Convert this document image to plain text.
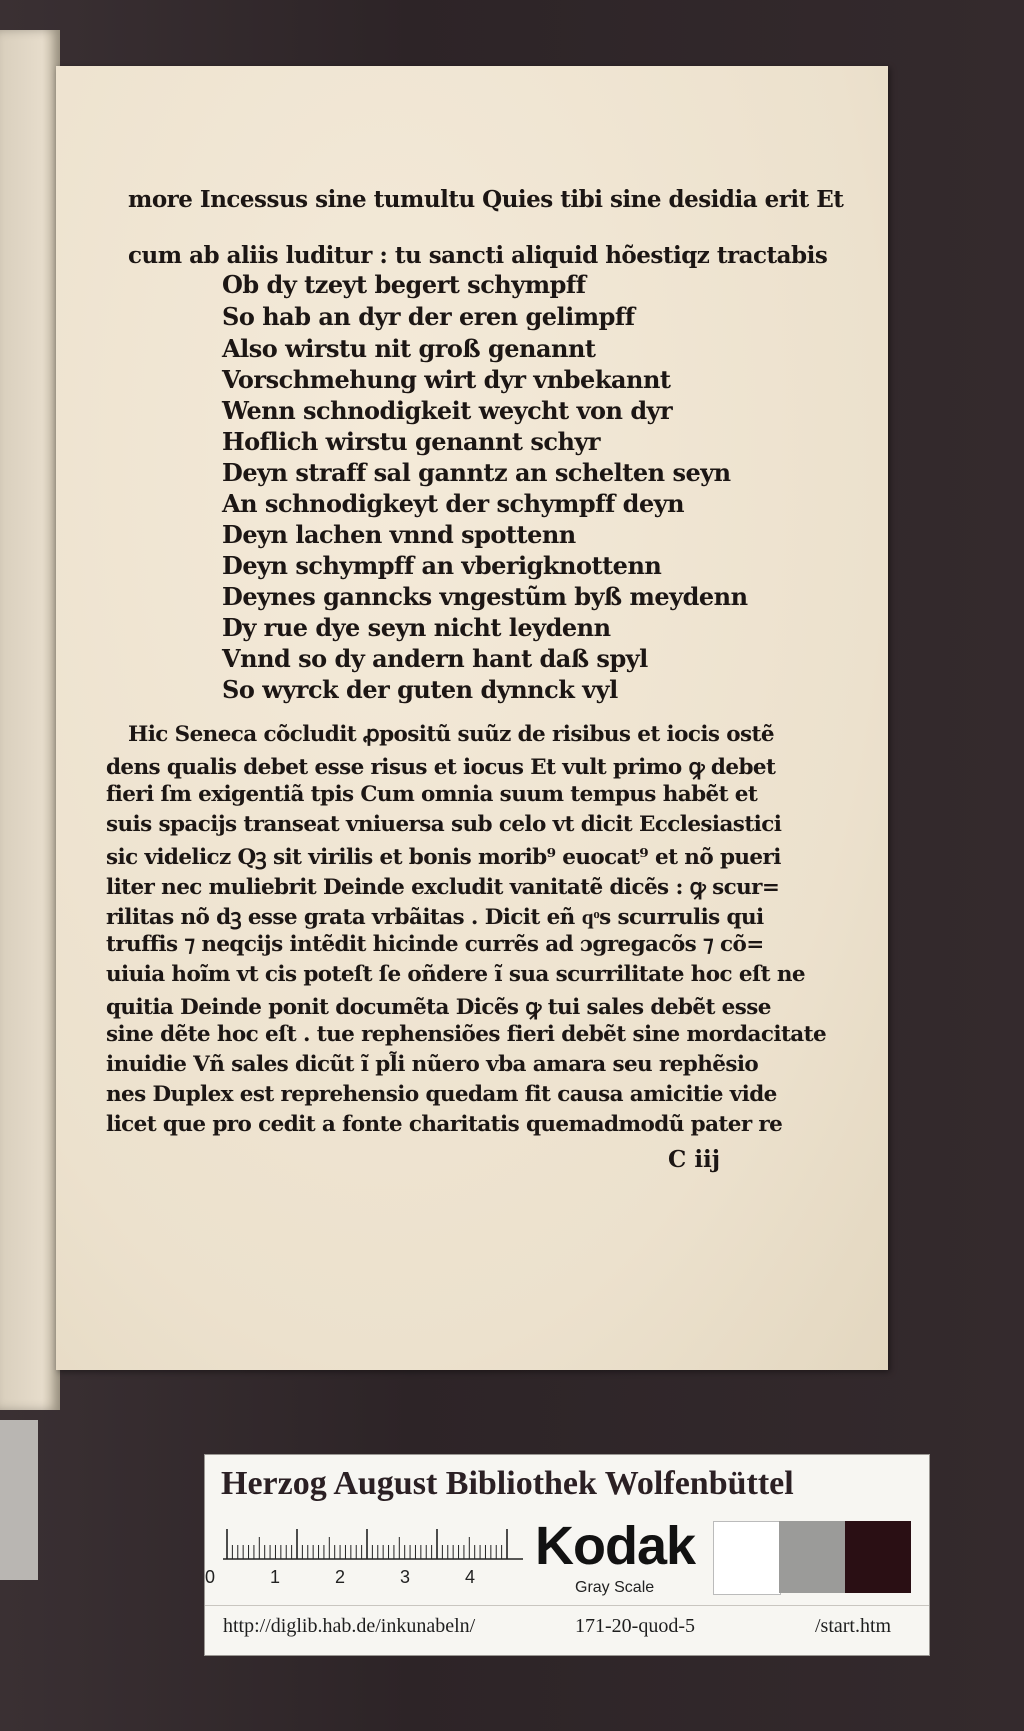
more Incessus sine tumultu Quies tibi sine desidia erit Et
cum ab aliis luditur : tu sancti aliquid hõestiqz tractabis
Ob dy tzeyt begert schympff
So hab an dyr der eren gelimpff
Also wirstu nit groß genannt
Vorschmehung wirt dyr vnbekannt
Wenn schnodigkeit weycht von dyr
Hoflich wirstu genannt schyr
Deyn straff sal ganntz an schelten seyn
An schnodigkeyt der schympff deyn
Deyn lachen vnnd spottenn
Deyn schympff an vberigknottenn
Deynes ganncks vngestũm byß meydenn
Dy rue dye seyn nicht leydenn
Vnnd so dy andern hant daß spyl
So wyrck der guten dynnck vyl
Hic Seneca cõcludit ꝓpositũ suũz de risibus et iocis ostẽ
dens qualis debet esse risus et iocus Et vult primo ꝙ debet
fieri ſm exigentiã tpis Cum omnia suum tempus habẽt et
suis spacijs transeat vniuersa sub celo vt dicit Ecclesiastici
sic videlicz Qꝫ sit virilis et bonis morib⁹ euocat⁹ et nõ pueri
liter nec muliebrit Deinde excludit vanitatẽ dicẽs : ꝙ scur=
rilitas nõ dꝫ esse grata vrbãitas . Dicit eñ qͦs scurrulis qui
truffis ⁊ neqcijs intẽdit hicinde currẽs ad ɔgregacõs ⁊ cõ=
uiuia hoĩm vt cis poteſt ſe oñdere ĩ sua scurrilitate hoc eſt ne
quitia Deinde ponit documẽta Dicẽs ꝙ tui sales debẽt esse
sine dẽte hoc eſt . tue rephensiões fieri debẽt sine mordacitate
inuidie Vñ sales dicũt ĩ pl̃i nũero vba amara seu rephẽsio
nes Duplex est reprehensio quedam fit causa amicitie vide
licet que pro cedit a fonte charitatis quemadmodũ pater re
C iij
Herzog August Bibliothek Wolfenbüttel
0	1	2	3	4
Kodak
Gray Scale
http://diglib.hab.de/inkunabeln/	171-20-quod-5	/start.htm
